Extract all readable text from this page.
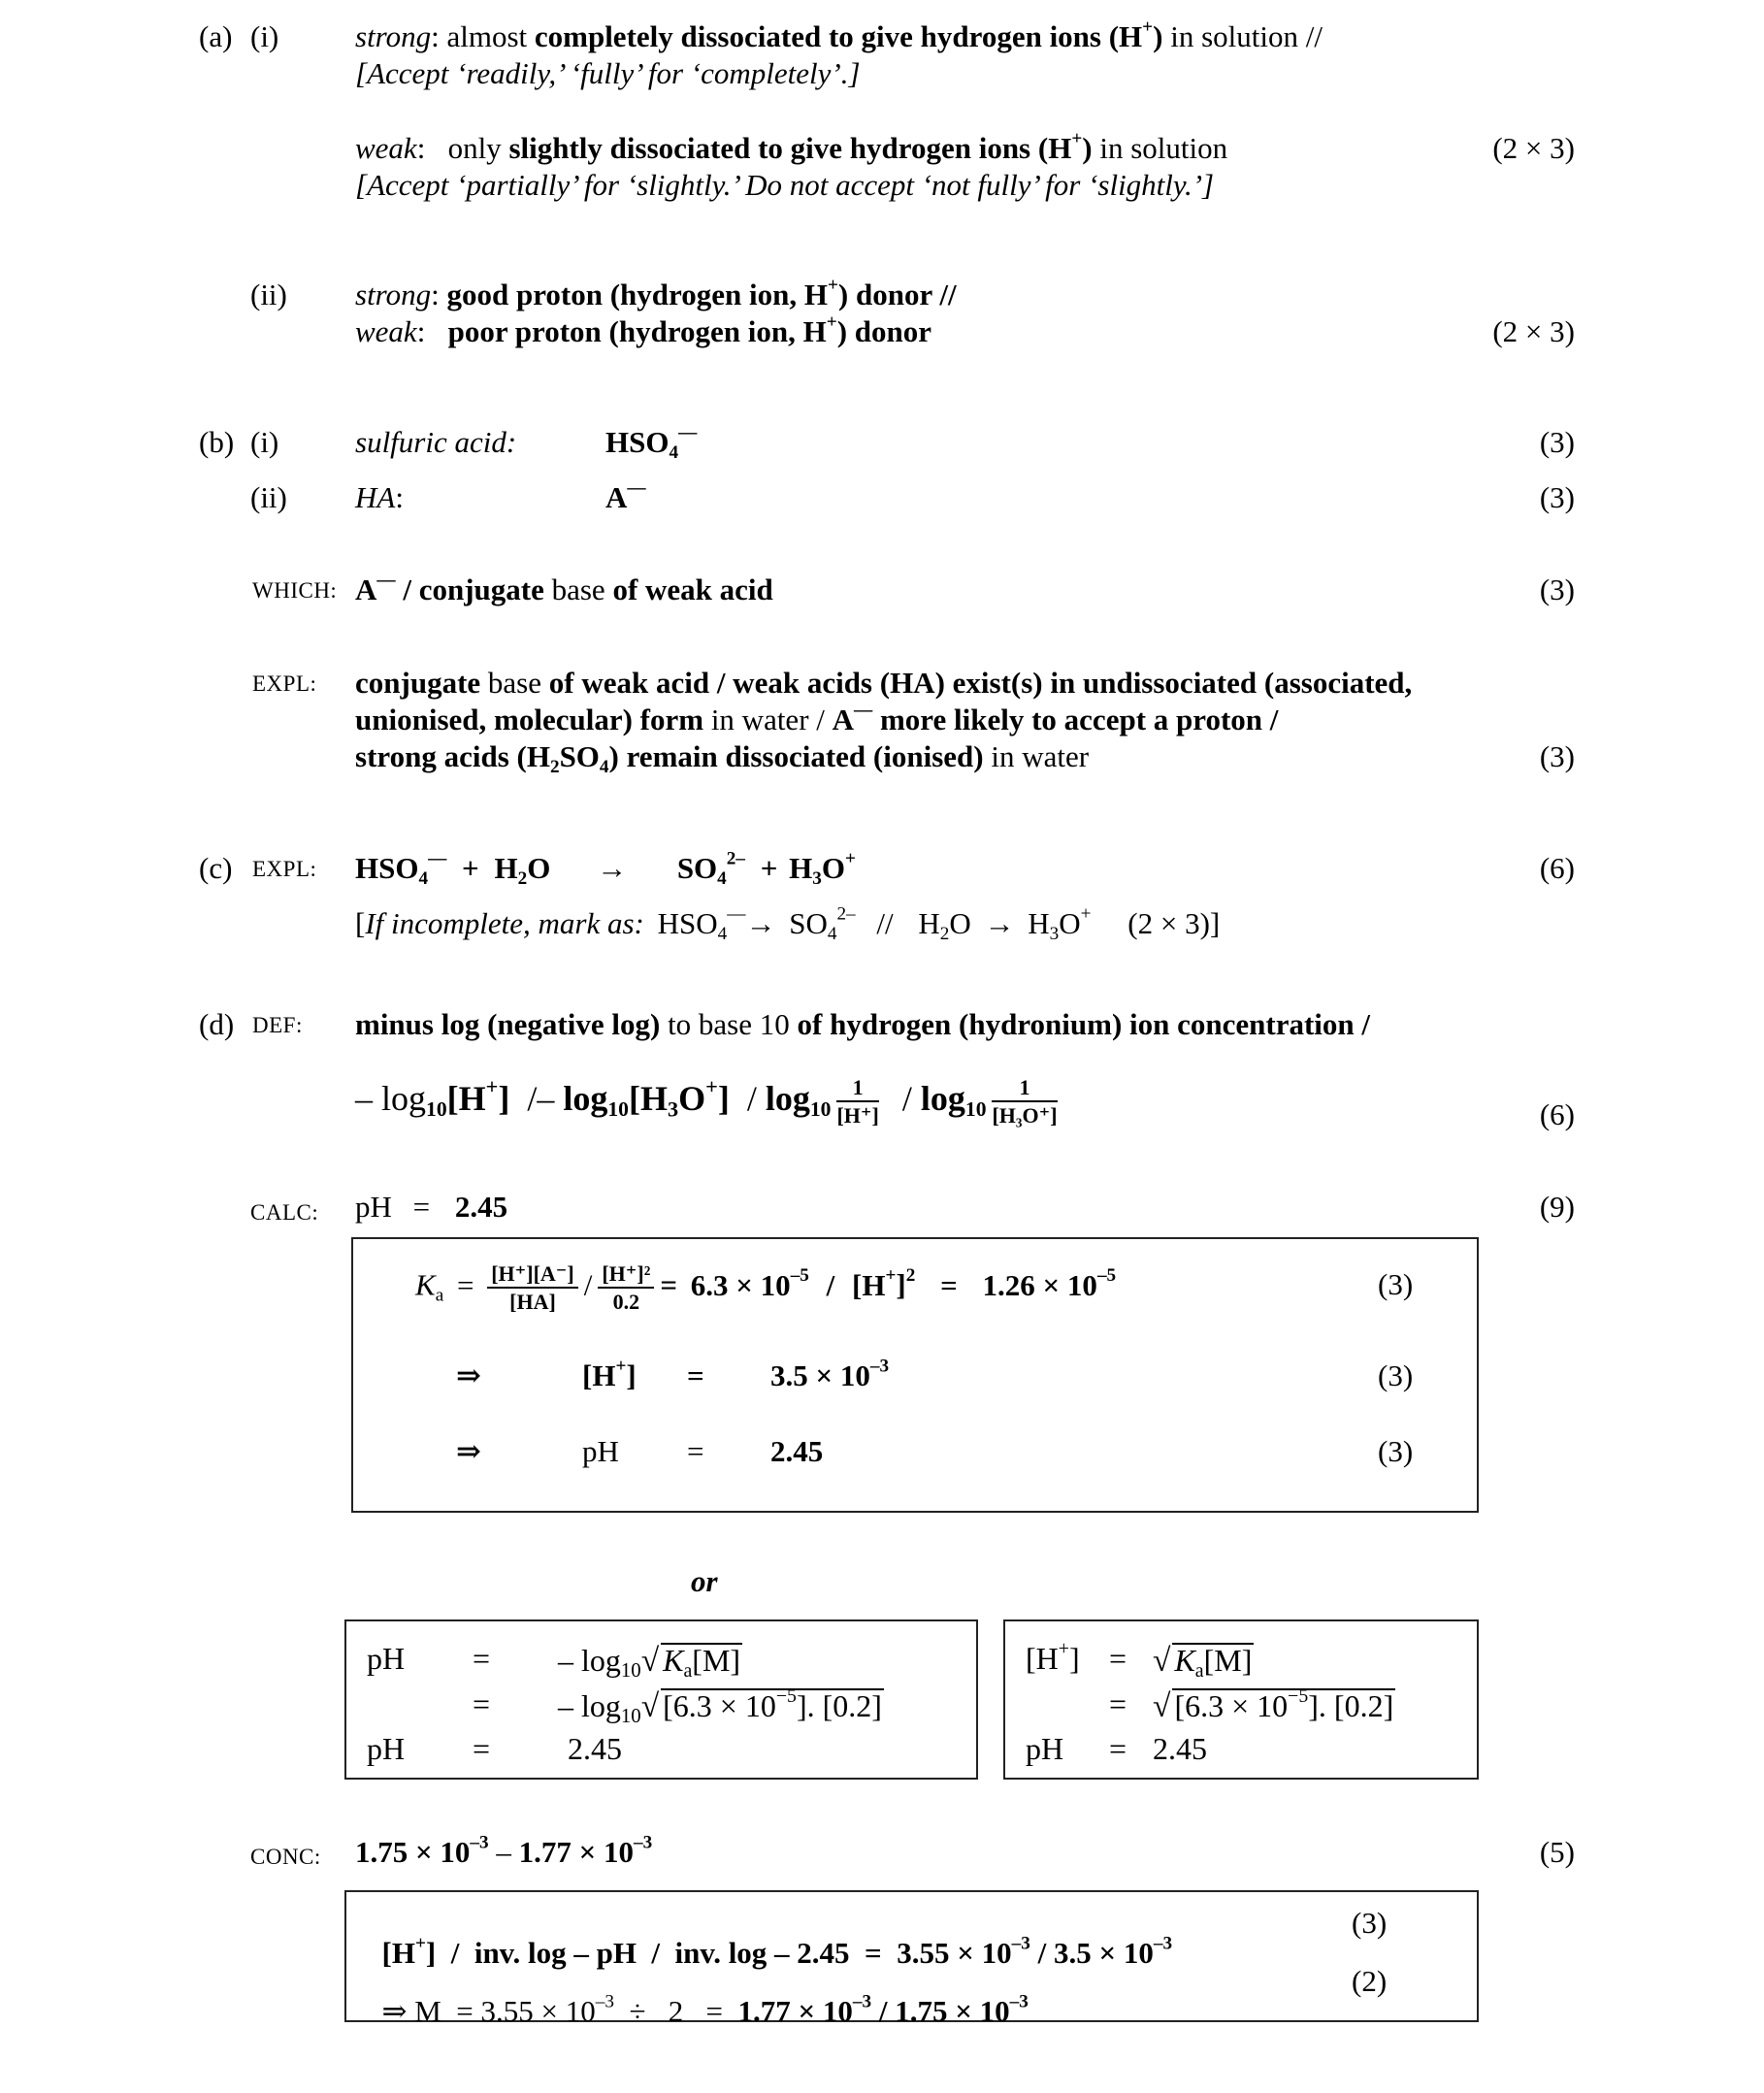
(a) (i)	strong: almost completely dissociated to give hydrogen ions (H+) in solution //
[Accept ‘readily,’ ‘fully’ for ‘completely’.]
weak:   only slightly dissociated to give hydrogen ions (H+) in solution	(2 × 3)
[Accept ‘partially’ for ‘slightly.’ Do not accept ‘not fully’ for ‘slightly.’]
(ii) strong: good proton (hydrogen ion, H+) donor //
weak:   poor proton (hydrogen ion, H+) donor	(2 × 3)
(b) (i)	sulfuric acid:	$HSO_4^—$	(3)
(ii) HA:	A—	(3)
WHICH: A— / conjugate base of weak acid	(3)
EXPL: conjugate base of weak acid / weak acids (HA) exist(s) in undissociated (associated,
unionised, molecular) form in water / A— more likely to accept a proton /
strong acids $(H_2SO_4)$ remain dissociated (ionised) in water	(3)
(c) EXPL: $HSO_4^— + H_2O \to SO_4^{2-} + H_3O^+$	(6)
[If incomplete, mark as: $HSO_4^—\to SO_4^{2-} // H_2O \to H_3O^+$ (2 × 3)]
(d) DEF: minus log (negative log) to base 10 of hydrogen (hydronium) ion concentration /
– $\log_{10}[H^+] /- \log_{10}[H_3O^+] / \log_{10} \frac{1}{[H^+]} / \log_{10} \frac{1}{\text{[H₃O⁺]}}$	(6)
CALC: pH = 2.45	(9)
$K_a = \frac{[H^+][A^-]}{[HA]} / \frac{\text{[H⁺]²}}{0.2} = 6.3 \times 10^{-5} / [H^+]^2 = 1.26 \times 10^{-5}$	(3)
⇒	$[H^+] = 3.5 \times 10^{-3}$	(3)
⇒	pH = 2.45	(3)
or
pH = – $\log_{10}√$ $K_a[M]$
= – $\log_{10}√$ $[6.3 \times 10^{-5}]$. [0.2]
pH = 2.45
[H+] = √ $K_a[M]$
= √ $[6.3 \times 10^{-5}]$. [0.2]
pH = 2.45
CONC: $1.75 \times 10^{-3} - 1.77 \times 10^{-3}$	(5)

[H+]  /  inv. log – pH  /  inv. $\log - 2.45 = 3.55 \times 10^{-3} / 3.5 \times 10^{-3}$

(3)

⇒ $M = 3.55 \times 10^{-3} \div 2 = 1.77 \times 10^{-3} / 1.75 \times 10^{-3}$

(2)
